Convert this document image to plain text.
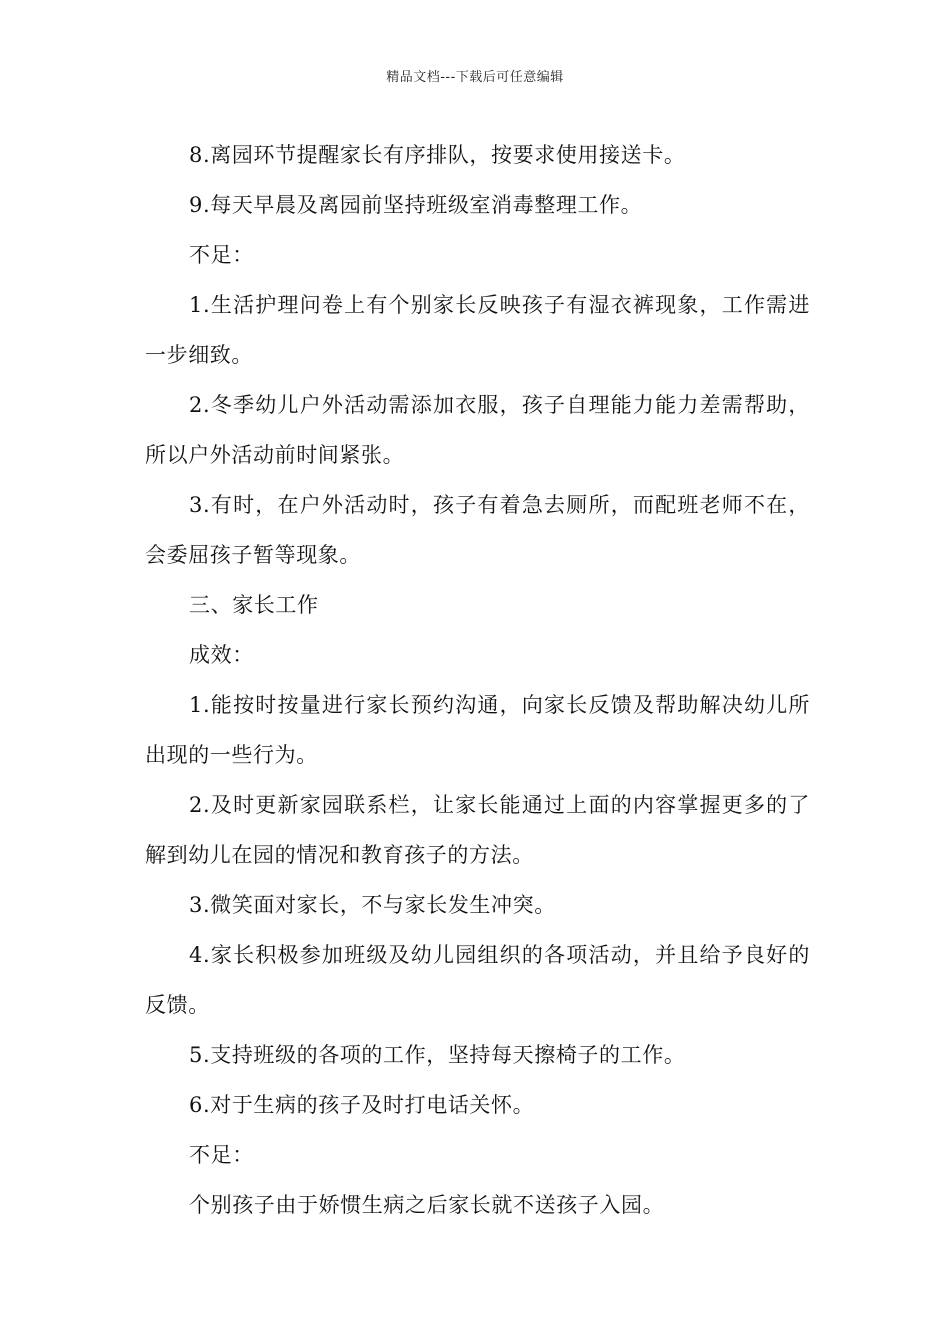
精品文档---下载后可任意编辑

8.离园环节提醒家长有序排队，按要求使用接送卡。

9.每天早晨及离园前坚持班级室消毒整理工作。

不足：

1.生活护理问卷上有个别家长反映孩子有湿衣裤现象，工作需进一步细致。

2.冬季幼儿户外活动需添加衣服，孩子自理能力能力差需帮助，所以户外活动前时间紧张。

3.有时，在户外活动时，孩子有着急去厕所，而配班老师不在，会委屈孩子暂等现象。

三、家长工作

成效：

1.能按时按量进行家长预约沟通，向家长反馈及帮助解决幼儿所出现的一些行为。

2.及时更新家园联系栏，让家长能通过上面的内容掌握更多的了解到幼儿在园的情况和教育孩子的方法。

3.微笑面对家长，不与家长发生冲突。

4.家长积极参加班级及幼儿园组织的各项活动，并且给予良好的反馈。

5.支持班级的各项的工作，坚持每天擦椅子的工作。

6.对于生病的孩子及时打电话关怀。

不足：

个别孩子由于娇惯生病之后家长就不送孩子入园。
